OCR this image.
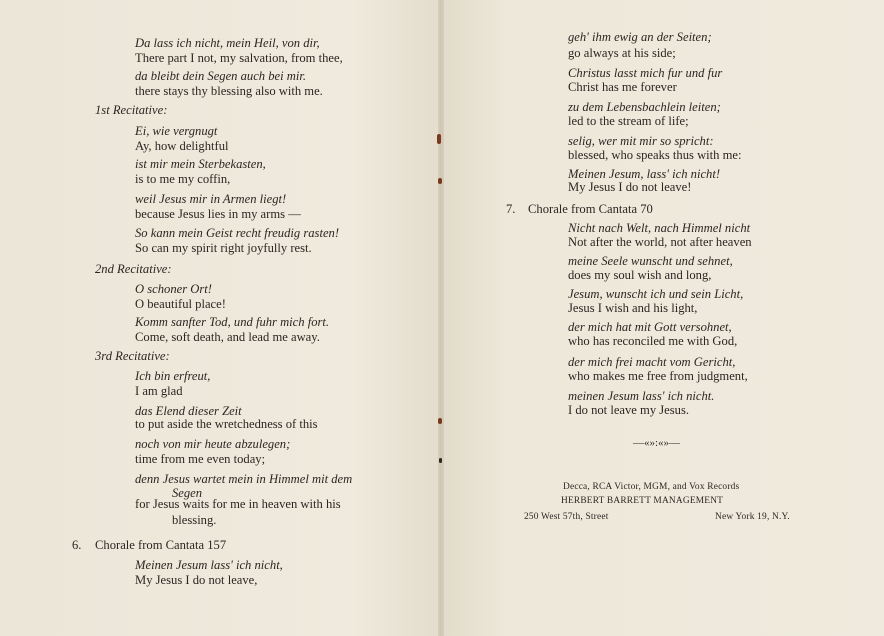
Da lass ich nicht, mein Heil, von dir,
There part I not, my salvation, from thee,
da bleibt dein Segen auch bei mir.
there stays thy blessing also with me.
1st Recitative:
Ei, wie vergnugt
Ay, how delightful
ist mir mein Sterbekasten,
is to me my coffin,
weil Jesus mir in Armen liegt!
because Jesus lies in my arms —
So kann mein Geist recht freudig rasten!
So can my spirit right joyfully rest.
2nd Recitative:
O schoner Ort!
O beautiful place!
Komm sanfter Tod, und fuhr mich fort.
Come, soft death, and lead me away.
3rd Recitative:
Ich bin erfreut,
I am glad
das Elend dieser Zeit
to put aside the wretchedness of this
noch von mir heute abzulegen;
time from me even today;
denn Jesus wartet mein in Himmel mit dem
Segen
for Jesus waits for me in heaven with his
blessing.
6. Chorale from Cantata 157
Meinen Jesum lass' ich nicht,
My Jesus I do not leave,
geh' ihm ewig an der Seiten;
go always at his side;
Christus lasst mich fur und fur
Christ has me forever
zu dem Lebensbachlein leiten;
led to the stream of life;
selig, wer mit mir so spricht:
blessed, who speaks thus with me:
Meinen Jesum, lass' ich nicht!
My Jesus I do not leave!
7. Chorale from Cantata 70
Nicht nach Welt, nach Himmel nicht
Not after the world, not after heaven
meine Seele wunscht und sehnet,
does my soul wish and long,
Jesum, wunscht ich und sein Licht,
Jesus I wish and his light,
der mich hat mit Gott versohnet,
who has reconciled me with God,
der mich frei macht vom Gericht,
who makes me free from judgment,
meinen Jesum lass' ich nicht.
I do not leave my Jesus.
—«»:«»—
Decca, RCA Victor, MGM, and Vox Records
HERBERT BARRETT MANAGEMENT
250 West 57th, Street	New York 19, N.Y.
